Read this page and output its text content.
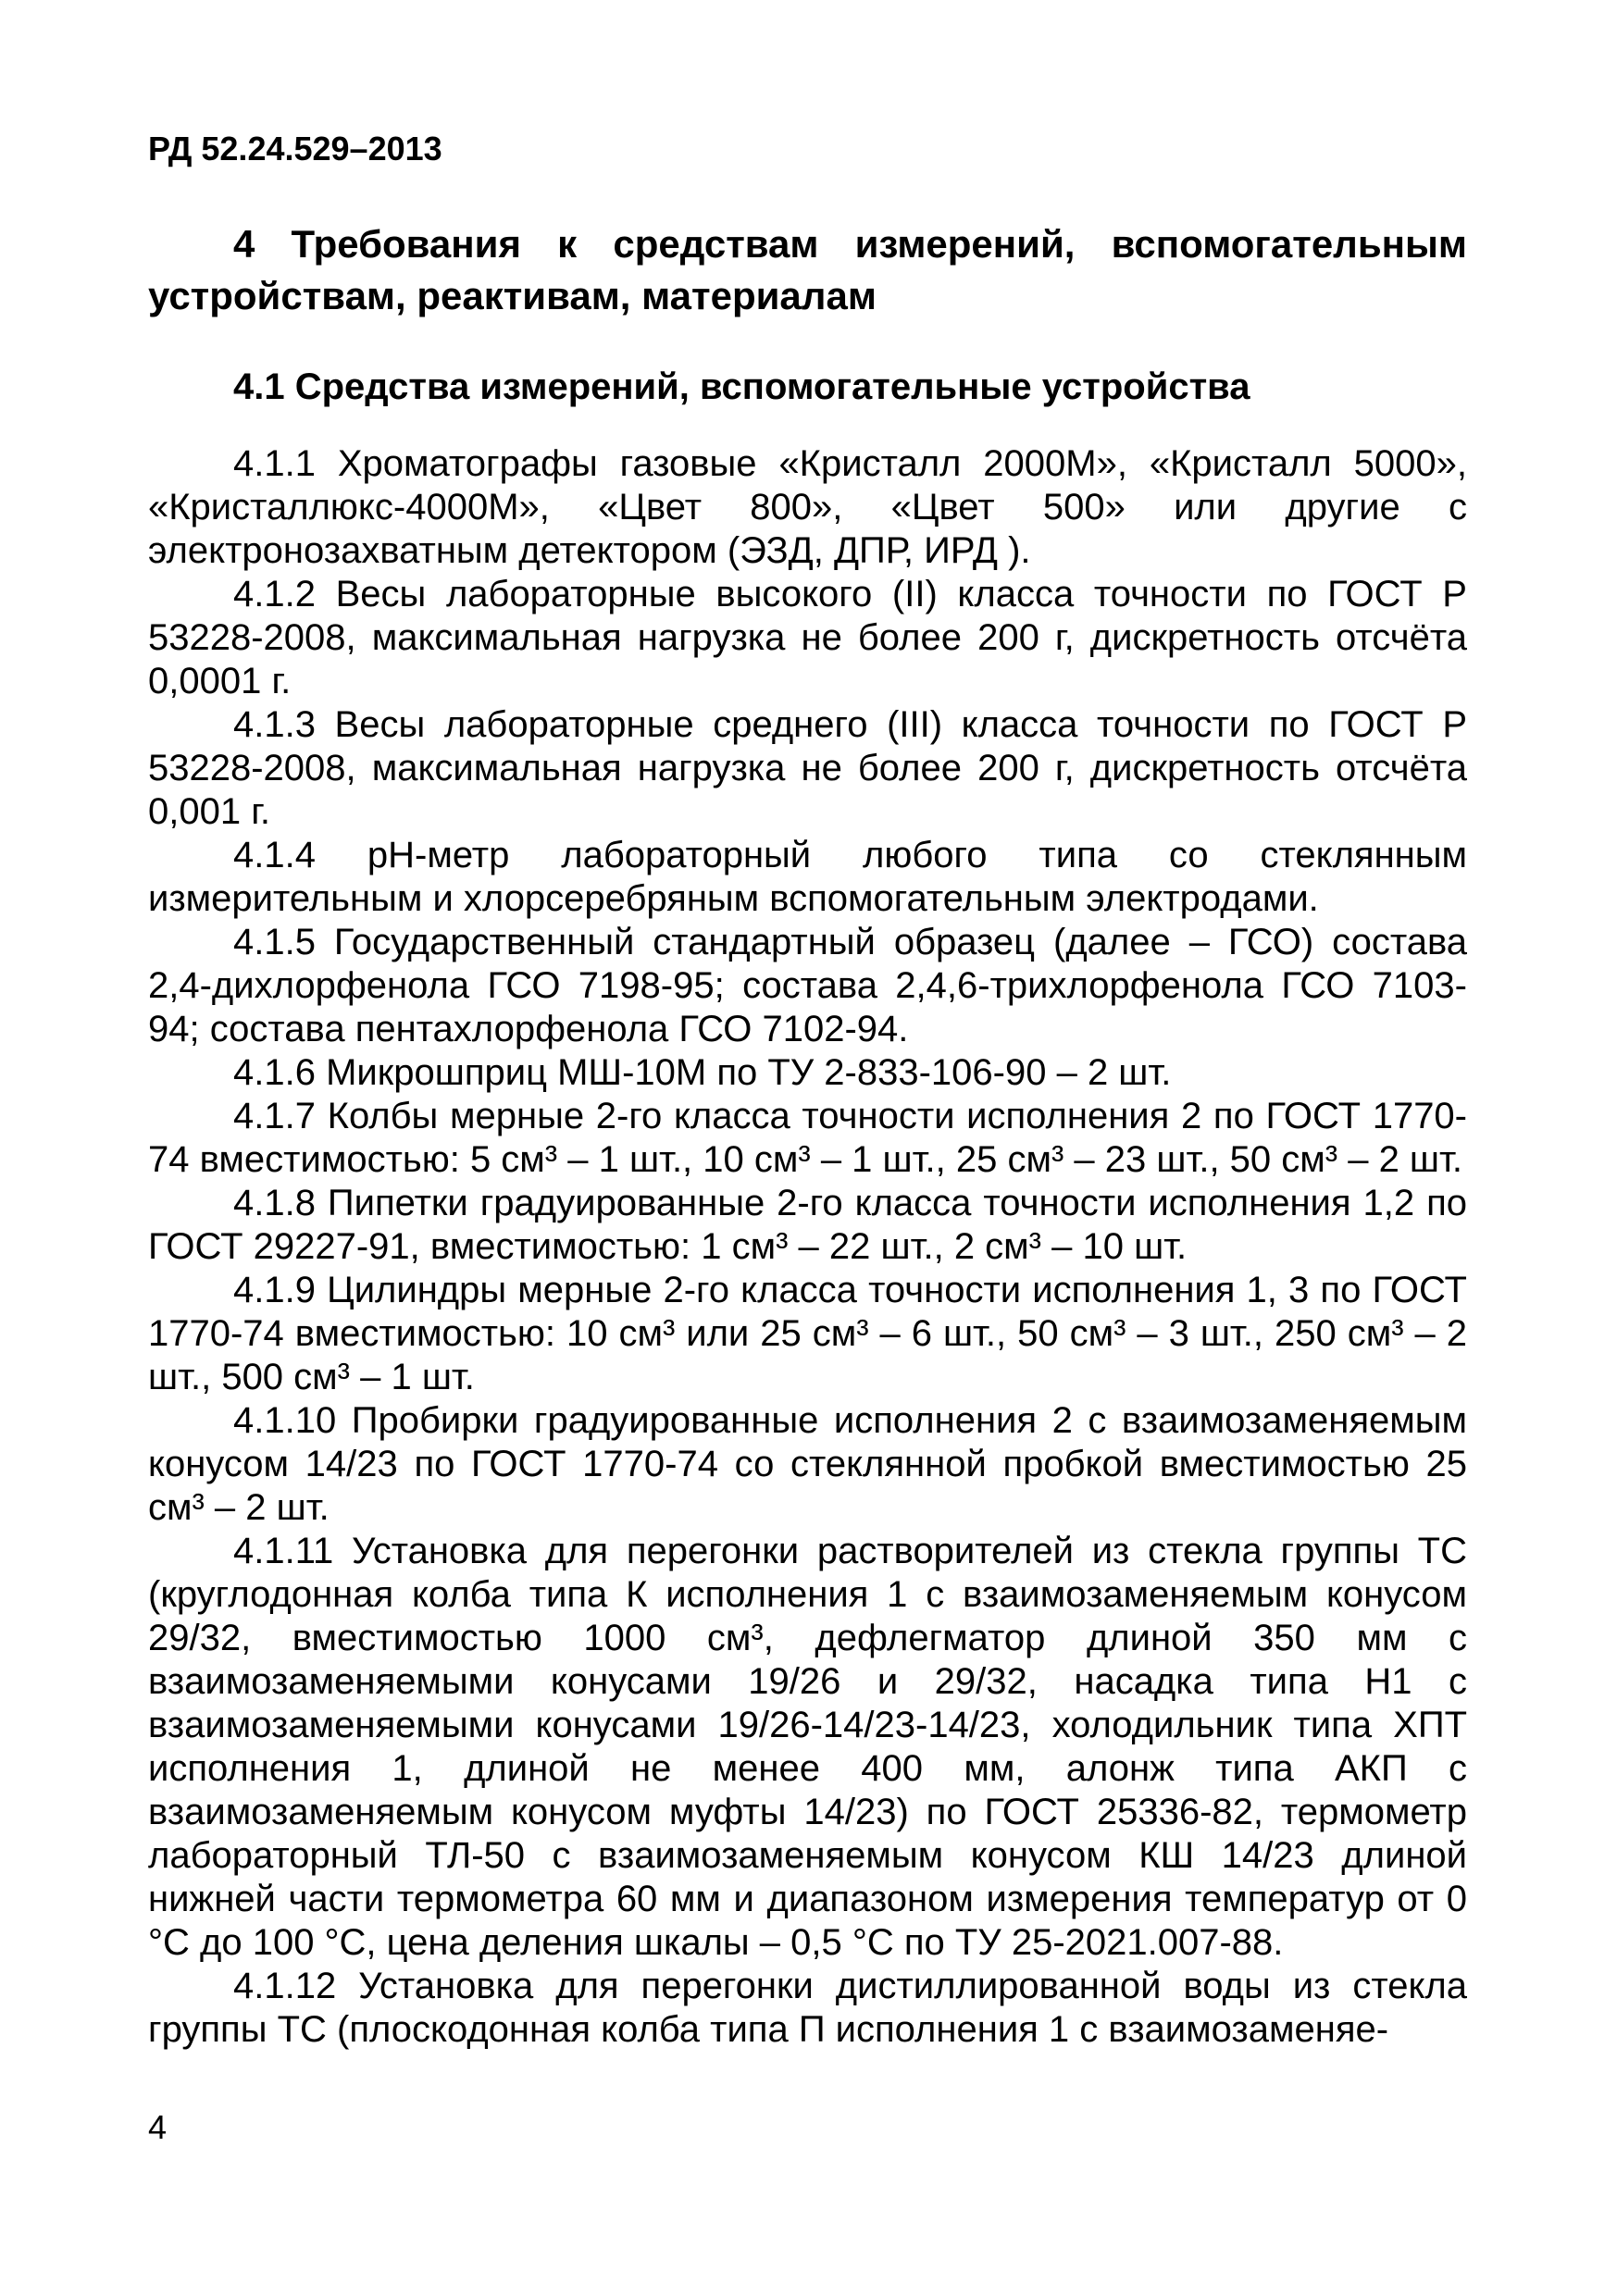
РД 52.24.529–2013

4 Требования к средствам измерений, вспомогательным устройствам, реактивам, материалам

4.1 Средства измерений, вспомогательные устройства

4.1.1 Хроматографы газовые «Кристалл 2000М», «Кристалл 5000», «Кристаллюкс-4000М», «Цвет 800», «Цвет 500» или другие с электронозахватным детектором (ЭЗД, ДПР, ИРД ).

4.1.2 Весы лабораторные высокого (II) класса точности по ГОСТ Р 53228-2008, максимальная нагрузка не более 200 г, дискретность отсчёта 0,0001 г.

4.1.3 Весы лабораторные среднего (III) класса точности по ГОСТ Р 53228-2008, максимальная нагрузка не более 200 г, дискретность отсчёта 0,001 г.

4.1.4 рН-метр лабораторный любого типа со стеклянным измерительным и хлорсеребряным вспомогательным электродами.

4.1.5 Государственный стандартный образец (далее – ГСО) состава 2,4-дихлорфенола ГСО 7198-95; состава 2,4,6-трихлорфенола ГСО 7103-94; состава пентахлорфенола ГСО 7102-94.

4.1.6 Микрошприц МШ-10М по ТУ 2-833-106-90 – 2 шт.

4.1.7 Колбы мерные 2-го класса точности исполнения 2 по ГОСТ 1770-74 вместимостью: 5 см³ – 1 шт., 10 см³ – 1 шт., 25 см³ – 23 шт., 50 см³ – 2 шт.

4.1.8 Пипетки градуированные 2-го класса точности исполнения 1,2 по ГОСТ 29227-91, вместимостью: 1 см³ – 22 шт., 2 см³ – 10 шт.

4.1.9 Цилиндры мерные 2-го класса точности исполнения 1, 3 по ГОСТ 1770-74 вместимостью: 10 см³ или 25 см³ – 6 шт., 50 см³ – 3 шт., 250 см³ – 2 шт., 500 см³ – 1 шт.

4.1.10 Пробирки градуированные исполнения 2 с взаимозаменяемым конусом 14/23 по ГОСТ 1770-74 со стеклянной пробкой вместимостью 25 см³ – 2 шт.

4.1.11 Установка для перегонки растворителей из стекла группы ТС (круглодонная колба типа К исполнения 1 с взаимозаменяемым конусом 29/32, вместимостью 1000 см³, дефлегматор длиной 350 мм с взаимозаменяемыми конусами 19/26 и 29/32, насадка типа Н1 с взаимозаменяемыми конусами 19/26-14/23-14/23, холодильник типа ХПТ исполнения 1, длиной не менее 400 мм, алонж типа АКП с взаимозаменяемым конусом муфты 14/23) по ГОСТ 25336-82, термометр лабораторный ТЛ-50 с взаимозаменяемым конусом КШ 14/23 длиной нижней части термометра 60 мм и диапазоном измерения температур от 0 °С до 100 °С, цена деления шкалы – 0,5 °С по ТУ 25-2021.007-88.

4.1.12 Установка для перегонки дистиллированной воды из стекла группы ТС (плоскодонная колба типа П исполнения 1 с взаимозаменяе-

4
